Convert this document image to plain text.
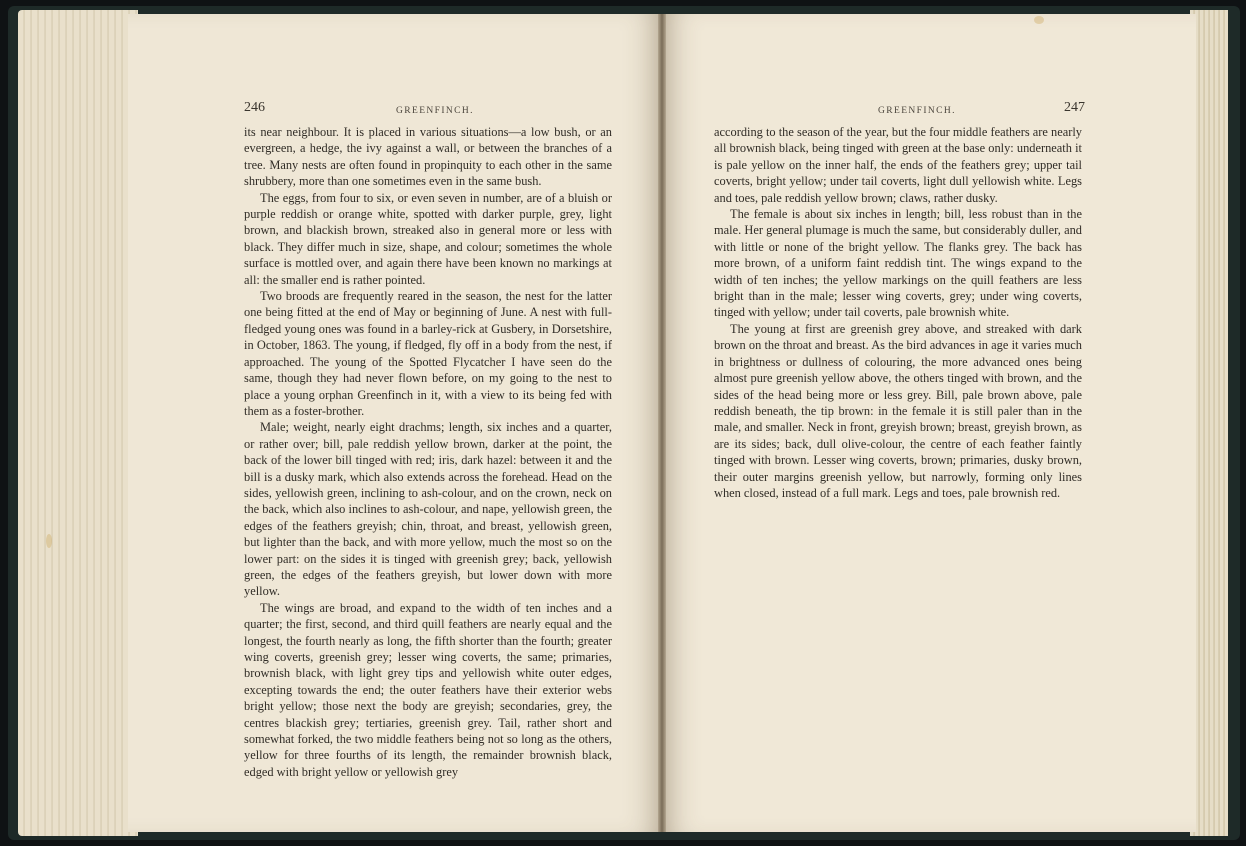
246	GREENFINCH.

its near neighbour. It is placed in various situations—a low bush, or an evergreen, a hedge, the ivy against a wall, or between the branches of a tree. Many nests are often found in propinquity to each other in the same shrubbery, more than one sometimes even in the same bush.

The eggs, from four to six, or even seven in number, are of a bluish or purple reddish or orange white, spotted with darker purple, grey, light brown, and blackish brown, streaked also in general more or less with black. They differ much in size, shape, and colour; sometimes the whole surface is mottled over, and again there have been known no markings at all: the smaller end is rather pointed.

Two broods are frequently reared in the season, the nest for the latter one being fitted at the end of May or beginning of June. A nest with full-fledged young ones was found in a barley-rick at Gusbery, in Dorsetshire, in October, 1863. The young, if fledged, fly off in a body from the nest, if approached. The young of the Spotted Flycatcher I have seen do the same, though they had never flown before, on my going to the nest to place a young orphan Greenfinch in it, with a view to its being fed with them as a foster-brother.

Male; weight, nearly eight drachms; length, six inches and a quarter, or rather over; bill, pale reddish yellow brown, darker at the point, the back of the lower bill tinged with red; iris, dark hazel: between it and the bill is a dusky mark, which also extends across the forehead. Head on the sides, yellowish green, inclining to ash-colour, and on the crown, neck on the back, which also inclines to ash-colour, and nape, yellowish green, the edges of the feathers greyish; chin, throat, and breast, yellowish green, but lighter than the back, and with more yellow, much the most so on the lower part: on the sides it is tinged with greenish grey; back, yellowish green, the edges of the feathers greyish, but lower down with more yellow.

The wings are broad, and expand to the width of ten inches and a quarter; the first, second, and third quill feathers are nearly equal and the longest, the fourth nearly as long, the fifth shorter than the fourth; greater wing coverts, greenish grey; lesser wing coverts, the same; primaries, brownish black, with light grey tips and yellowish white outer edges, excepting towards the end; the outer feathers have their exterior webs bright yellow; those next the body are greyish; secondaries, grey, the centres blackish grey; tertiaries, greenish grey. Tail, rather short and somewhat forked, the two middle feathers being not so long as the others, yellow for three fourths of its length, the remainder brownish black, edged with bright yellow or yellowish grey

GREENFINCH.	247

according to the season of the year, but the four middle feathers are nearly all brownish black, being tinged with green at the base only: underneath it is pale yellow on the inner half, the ends of the feathers grey; upper tail coverts, bright yellow; under tail coverts, light dull yellowish white. Legs and toes, pale reddish yellow brown; claws, rather dusky.

The female is about six inches in length; bill, less robust than in the male. Her general plumage is much the same, but considerably duller, and with little or none of the bright yellow. The flanks grey. The back has more brown, of a uniform faint reddish tint. The wings expand to the width of ten inches; the yellow markings on the quill feathers are less bright than in the male; lesser wing coverts, grey; under wing coverts, tinged with yellow; under tail coverts, pale brownish white.

The young at first are greenish grey above, and streaked with dark brown on the throat and breast. As the bird advances in age it varies much in brightness or dullness of colouring, the more advanced ones being almost pure greenish yellow above, the others tinged with brown, and the sides of the head being more or less grey. Bill, pale brown above, pale reddish beneath, the tip brown: in the female it is still paler than in the male, and smaller. Neck in front, greyish brown; breast, greyish brown, as are its sides; back, dull olive-colour, the centre of each feather faintly tinged with brown. Lesser wing coverts, brown; primaries, dusky brown, their outer margins greenish yellow, but narrowly, forming only lines when closed, instead of a full mark. Legs and toes, pale brownish red.
